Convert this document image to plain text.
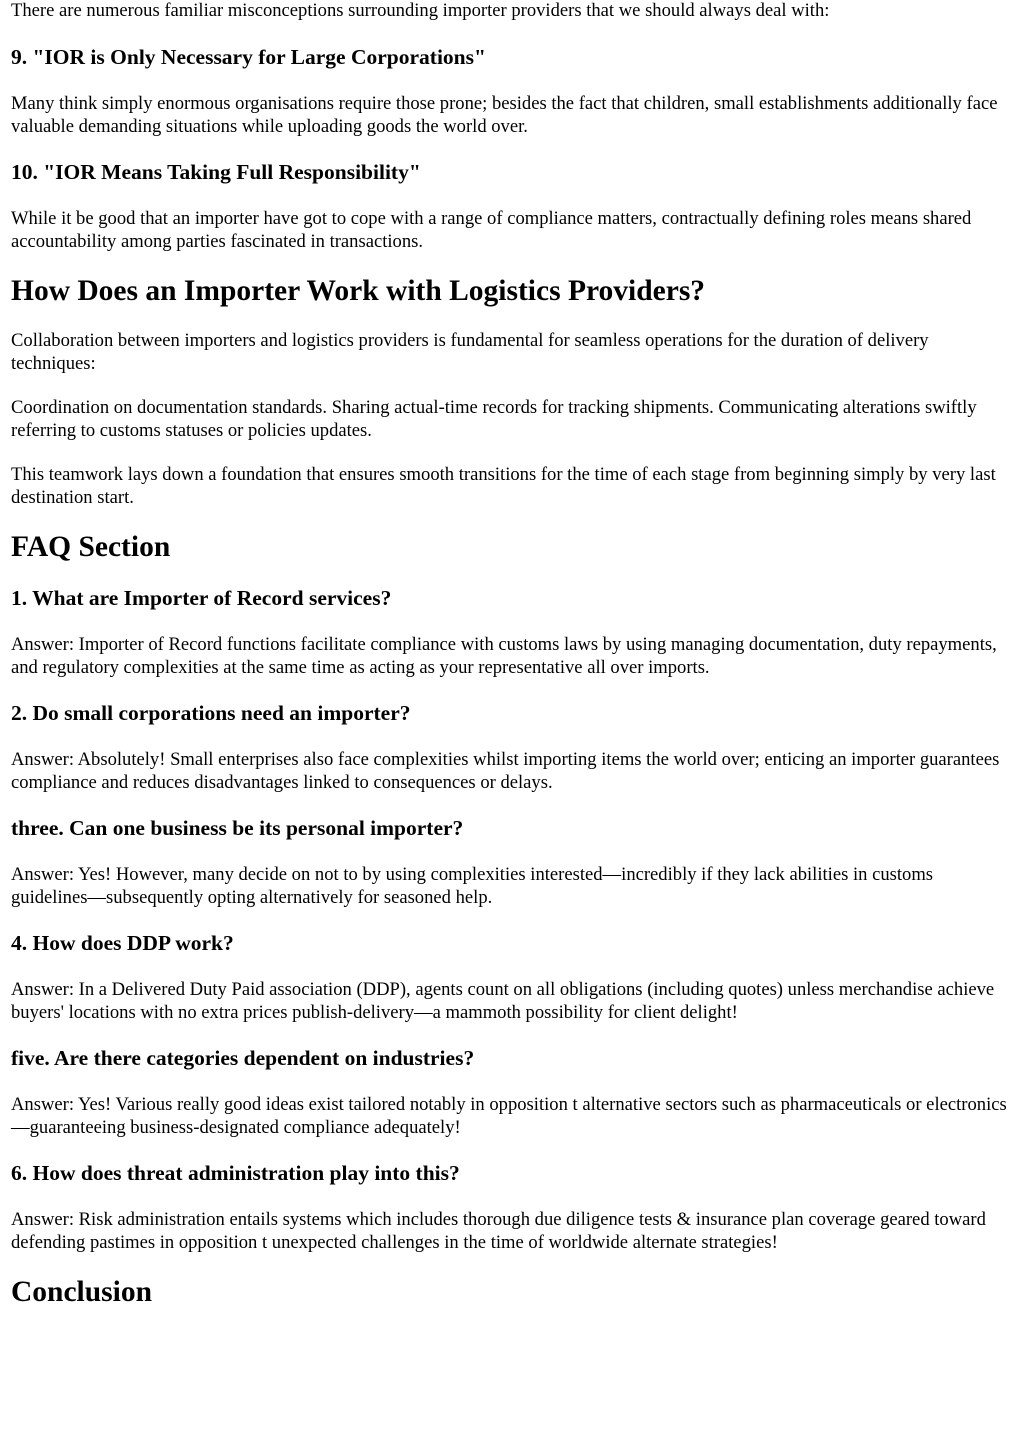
There are numerous familiar misconceptions surrounding importer providers that we should always deal with:

9. "IOR is Only Necessary for Large Corporations"

Many think simply enormous organisations require those prone; besides the fact that children, small establishments additionally face valuable demanding situations while uploading goods the world over.

10. "IOR Means Taking Full Responsibility"

While it be good that an importer have got to cope with a range of compliance matters, contractually defining roles means shared accountability among parties fascinated in transactions.

How Does an Importer Work with Logistics Providers?

Collaboration between importers and logistics providers is fundamental for seamless operations for the duration of delivery techniques:

Coordination on documentation standards. Sharing actual-time records for tracking shipments. Communicating alterations swiftly referring to customs statuses or policies updates.

This teamwork lays down a foundation that ensures smooth transitions for the time of each stage from beginning simply by very last destination start.

FAQ Section
1. What are Importer of Record services?

Answer: Importer of Record functions facilitate compliance with customs laws by using managing documentation, duty repayments, and regulatory complexities at the same time as acting as your representative all over imports.

2. Do small corporations need an importer?

Answer: Absolutely! Small enterprises also face complexities whilst importing items the world over; enticing an importer guarantees compliance and reduces disadvantages linked to consequences or delays.

three. Can one business be its personal importer?

Answer: Yes! However, many decide on not to by using complexities interested—incredibly if they lack abilities in customs guidelines—subsequently opting alternatively for seasoned help.

4. How does DDP work?

Answer: In a Delivered Duty Paid association (DDP), agents count on all obligations (including quotes) unless merchandise achieve buyers' locations with no extra prices publish-delivery—a mammoth possibility for client delight!

five. Are there categories dependent on industries?

Answer: Yes! Various really good ideas exist tailored notably in opposition t alternative sectors such as pharmaceuticals or electronics—guaranteeing business-designated compliance adequately!

6. How does threat administration play into this?

Answer: Risk administration entails systems which includes thorough due diligence tests & insurance plan coverage geared toward defending pastimes in opposition t unexpected challenges in the time of worldwide alternate strategies!

Conclusion
